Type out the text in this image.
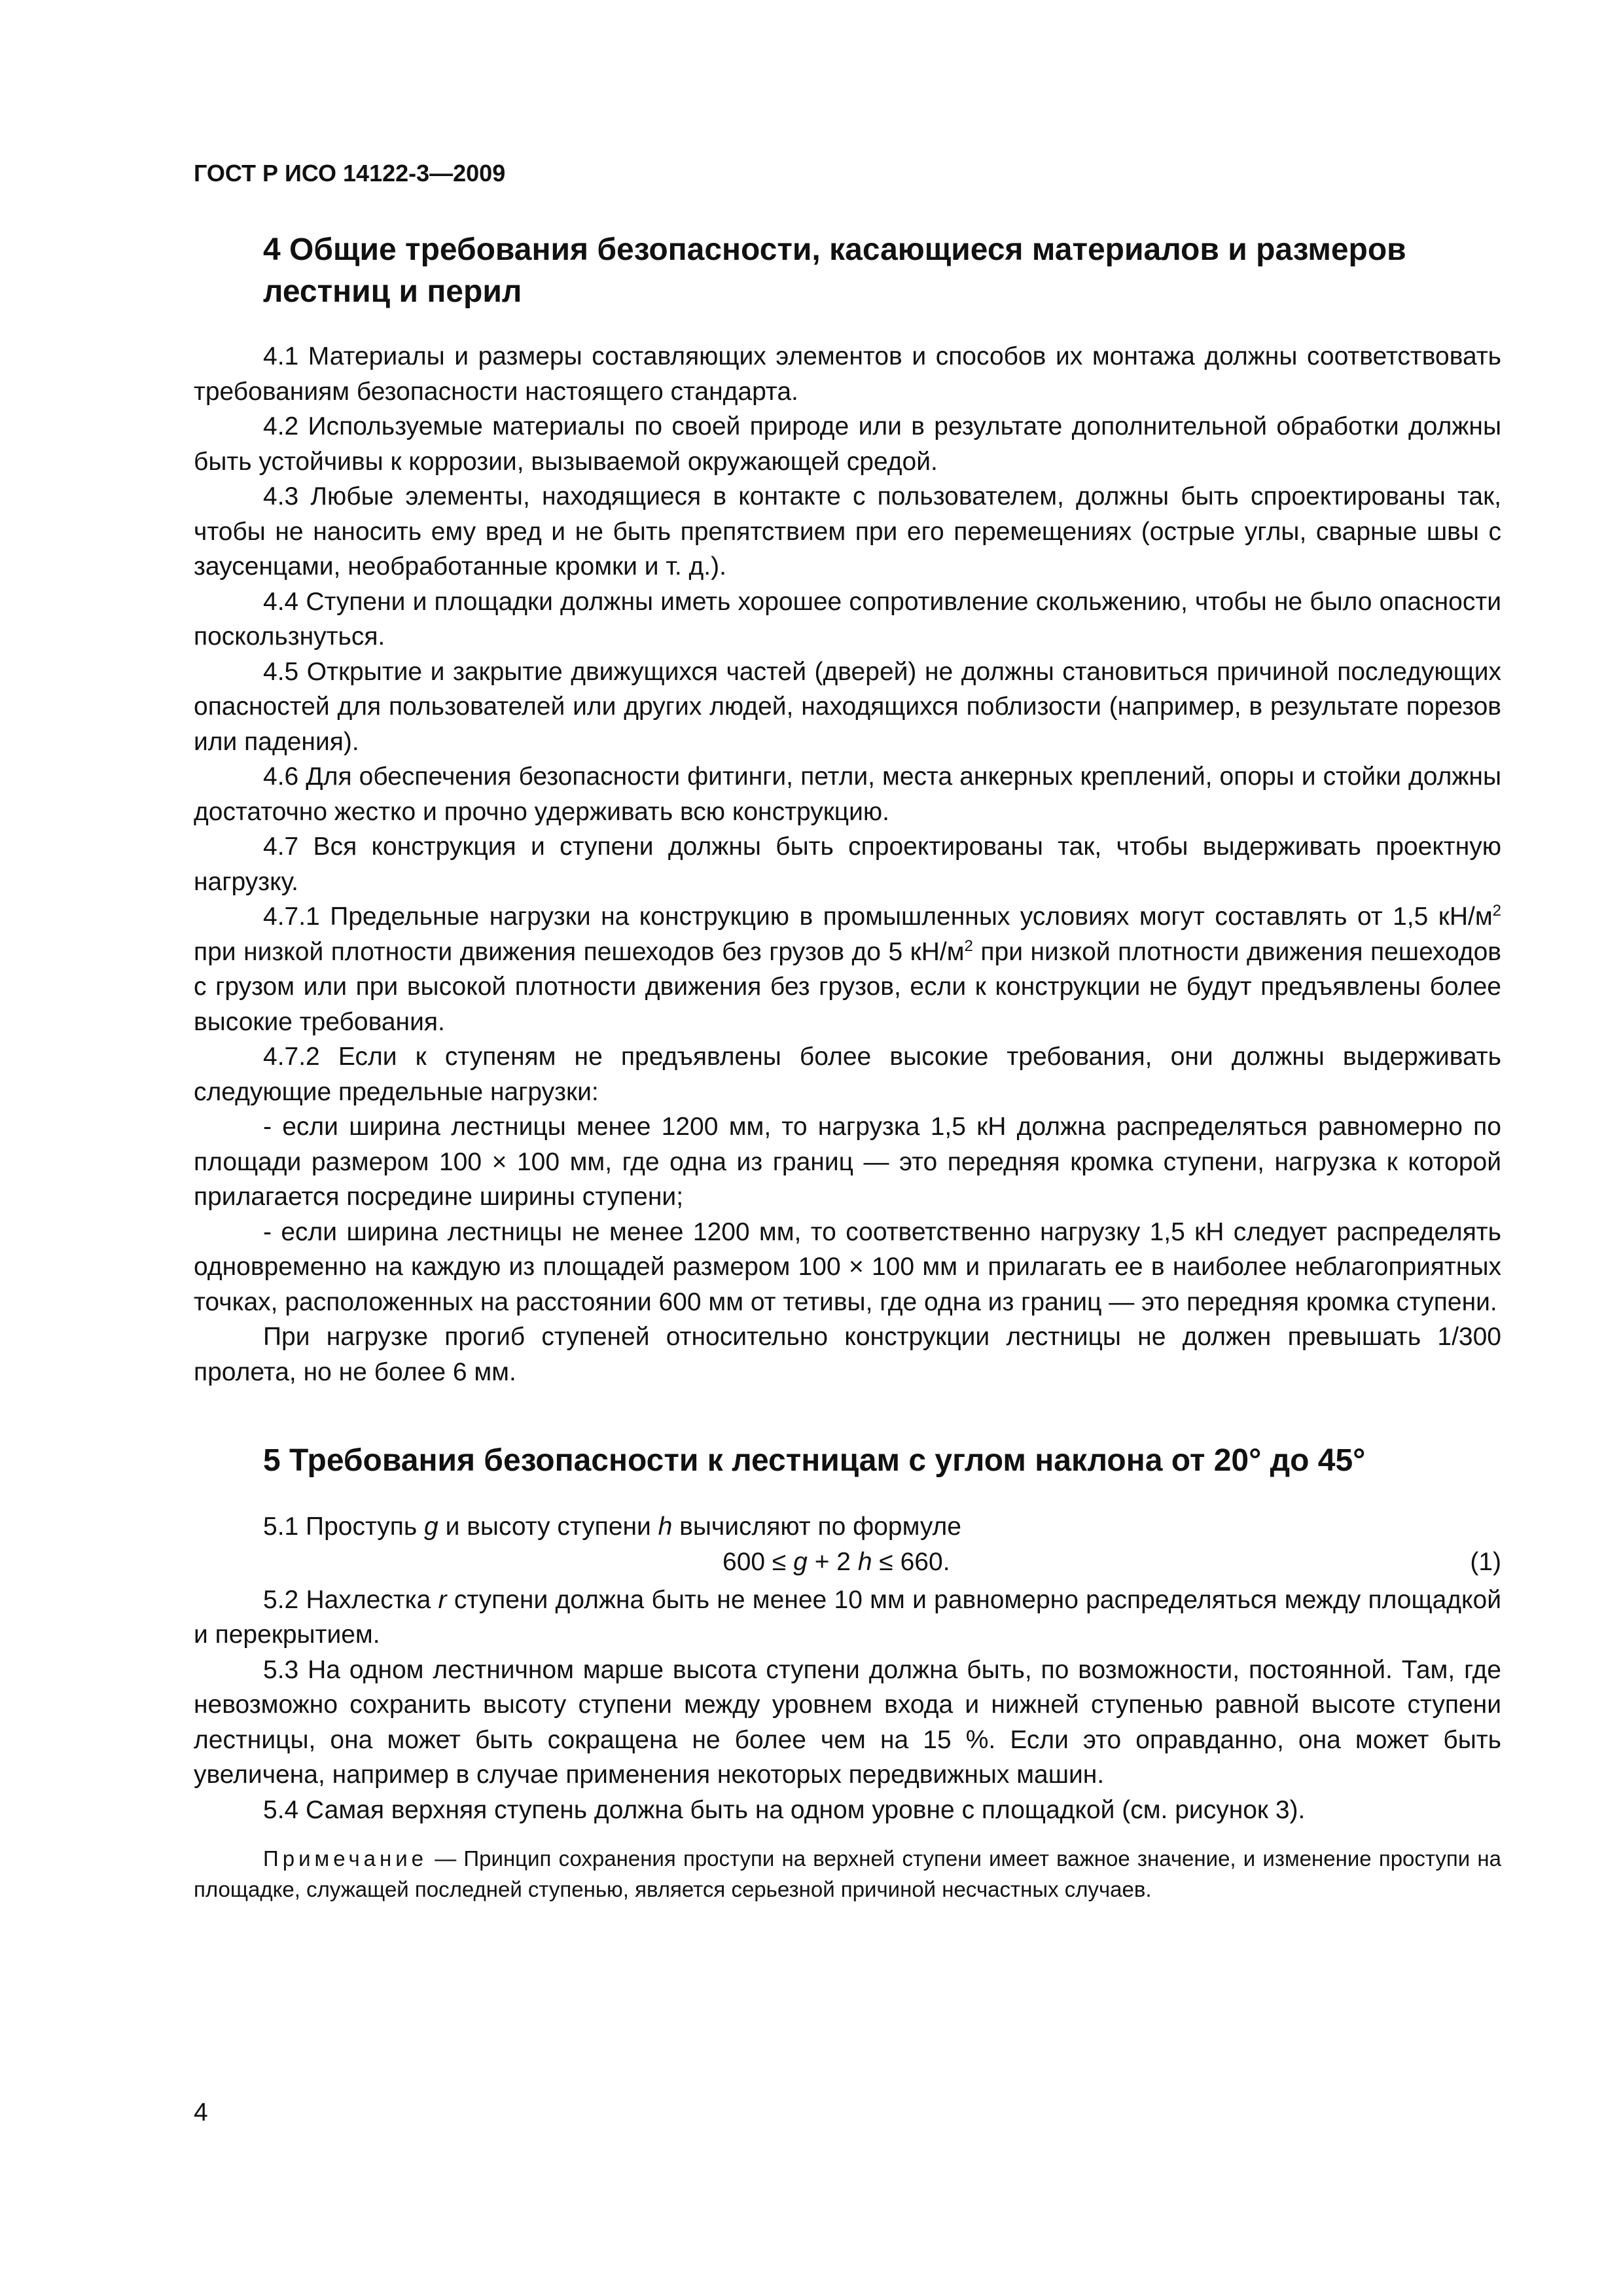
ГОСТ Р ИСО 14122-3—2009
4 Общие требования безопасности, касающиеся материалов и размеров лестниц и перил

4.1 Материалы и размеры составляющих элементов и способов их монтажа должны соответствовать требованиям безопасности настоящего стандарта.

4.2 Используемые материалы по своей природе или в результате дополнительной обработки должны быть устойчивы к коррозии, вызываемой окружающей средой.

4.3 Любые элементы, находящиеся в контакте с пользователем, должны быть спроектированы так, чтобы не наносить ему вред и не быть препятствием при его перемещениях (острые углы, сварные швы с заусенцами, необработанные кромки и т. д.).

4.4 Ступени и площадки должны иметь хорошее сопротивление скольжению, чтобы не было опасности поскользнуться.

4.5 Открытие и закрытие движущихся частей (дверей) не должны становиться причиной последующих опасностей для пользователей или других людей, находящихся поблизости (например, в результате порезов или падения).

4.6 Для обеспечения безопасности фитинги, петли, места анкерных креплений, опоры и стойки должны достаточно жестко и прочно удерживать всю конструкцию.

4.7 Вся конструкция и ступени должны быть спроектированы так, чтобы выдерживать проектную нагрузку.

4.7.1 Предельные нагрузки на конструкцию в промышленных условиях могут составлять от 1,5 $кН/м^2$ при низкой плотности движения пешеходов без грузов до 5 $кН/м^2$ при низкой плотности движения пешеходов с грузом или при высокой плотности движения без грузов, если к конструкции не будут предъявлены более высокие требования.

4.7.2 Если к ступеням не предъявлены более высокие требования, они должны выдерживать следующие предельные нагрузки:

- если ширина лестницы менее 1200 мм, то нагрузка 1,5 кН должна распределяться равномерно по площади размером 100 × 100 мм, где одна из границ — это передняя кромка ступени, нагрузка к которой прилагается посредине ширины ступени;

- если ширина лестницы не менее 1200 мм, то соответственно нагрузку 1,5 кН следует распределять одновременно на каждую из площадей размером 100 × 100 мм и прилагать ее в наиболее неблагоприятных точках, расположенных на расстоянии 600 мм от тетивы, где одна из границ — это передняя кромка ступени.

При нагрузке прогиб ступеней относительно конструкции лестницы не должен превышать 1/300 пролета, но не более 6 мм.

5 Требования безопасности к лестницам с углом наклона от 20° до 45°

5.1 Проступь g и высоту ступени h вычисляют по формуле

600 ≤ g + 2 h ≤ 660.	(1)

5.2 Нахлестка r ступени должна быть не менее 10 мм и равномерно распределяться между площадкой и перекрытием.

5.3 На одном лестничном марше высота ступени должна быть, по возможности, постоянной. Там, где невозможно сохранить высоту ступени между уровнем входа и нижней ступенью равной высоте ступени лестницы, она может быть сокращена не более чем на 15 %. Если это оправданно, она может быть увеличена, например в случае применения некоторых передвижных машин.

5.4 Самая верхняя ступень должна быть на одном уровне с площадкой (см. рисунок 3).

Примечание — Принцип сохранения проступи на верхней ступени имеет важное значение, и изменение проступи на площадке, служащей последней ступенью, является серьезной причиной несчастных случаев.

4
